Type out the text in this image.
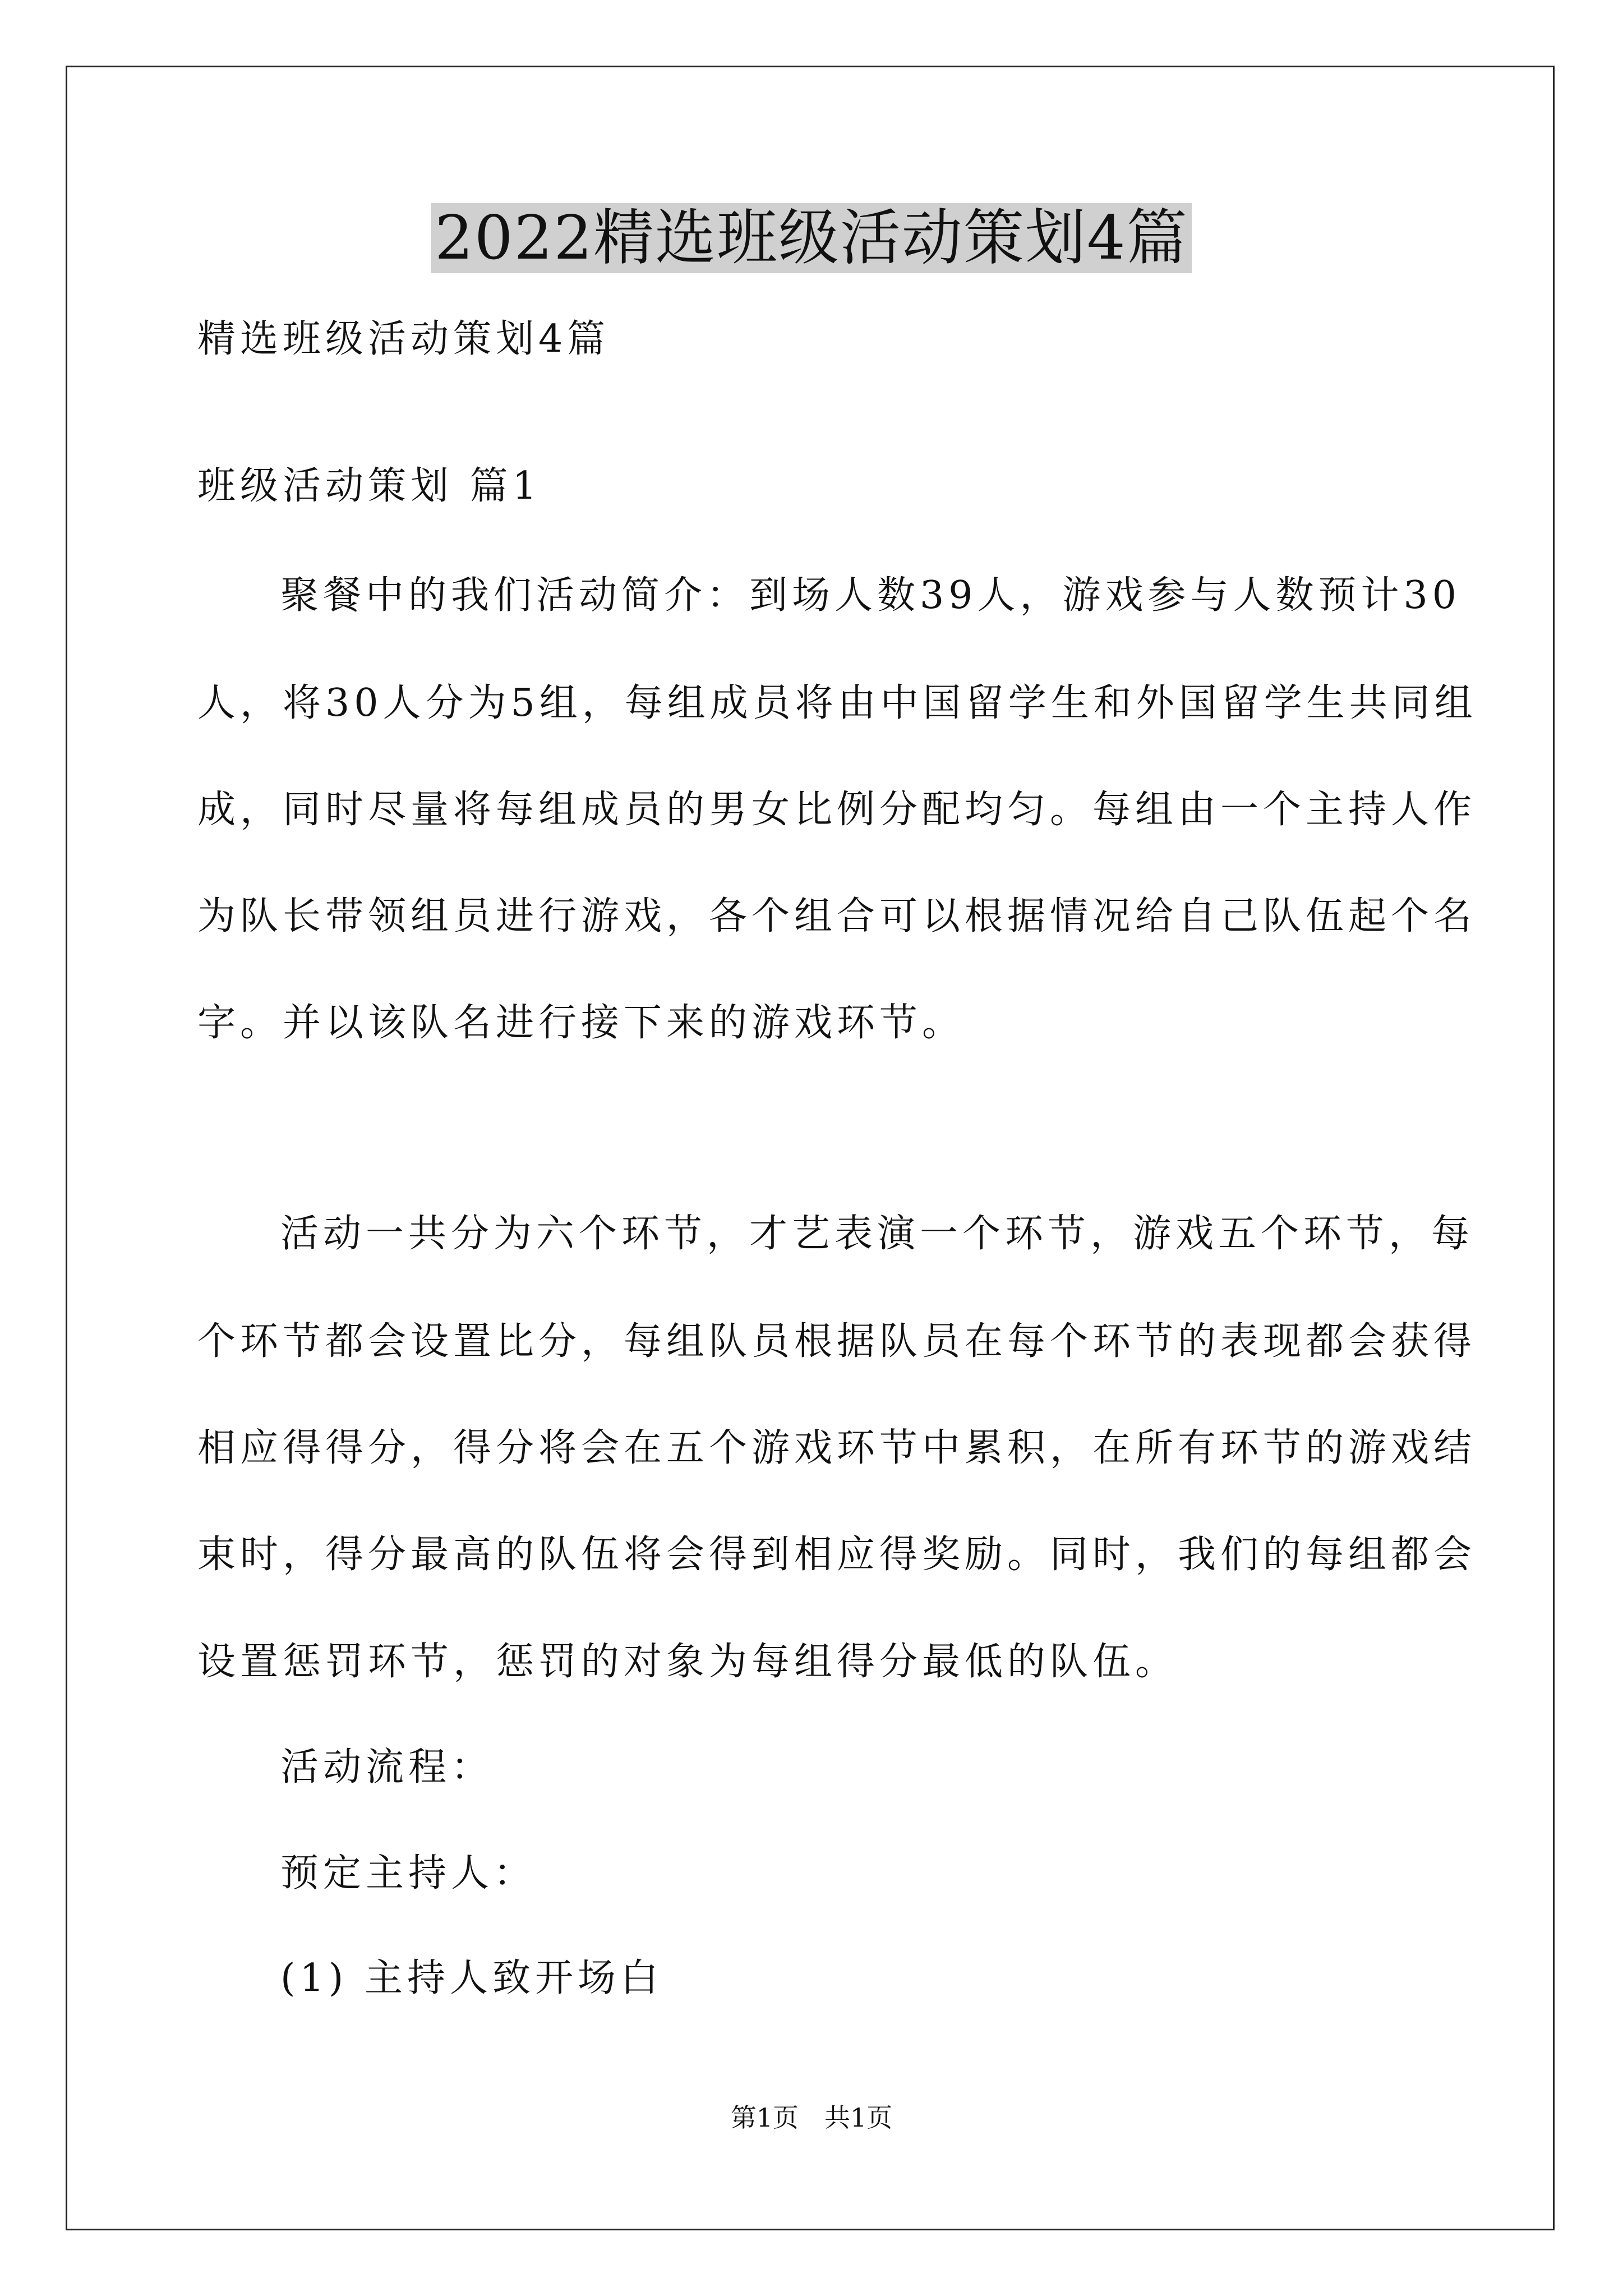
2022精选班级活动策划4篇
精选班级活动策划4篇
班级活动策划 篇1
聚餐中的我们活动简介：到场人数39人，游戏参与人数预计30
人，将30人分为5组，每组成员将由中国留学生和外国留学生共同组
成，同时尽量将每组成员的男女比例分配均匀。每组由一个主持人作
为队长带领组员进行游戏，各个组合可以根据情况给自己队伍起个名
字。并以该队名进行接下来的游戏环节。
活动一共分为六个环节，才艺表演一个环节，游戏五个环节，每
个环节都会设置比分，每组队员根据队员在每个环节的表现都会获得
相应得得分，得分将会在五个游戏环节中累积，在所有环节的游戏结
束时，得分最高的队伍将会得到相应得奖励。同时，我们的每组都会
设置惩罚环节，惩罚的对象为每组得分最低的队伍。
活动流程：
预定主持人：
(1) 主持人致开场白
第1页　共1页
